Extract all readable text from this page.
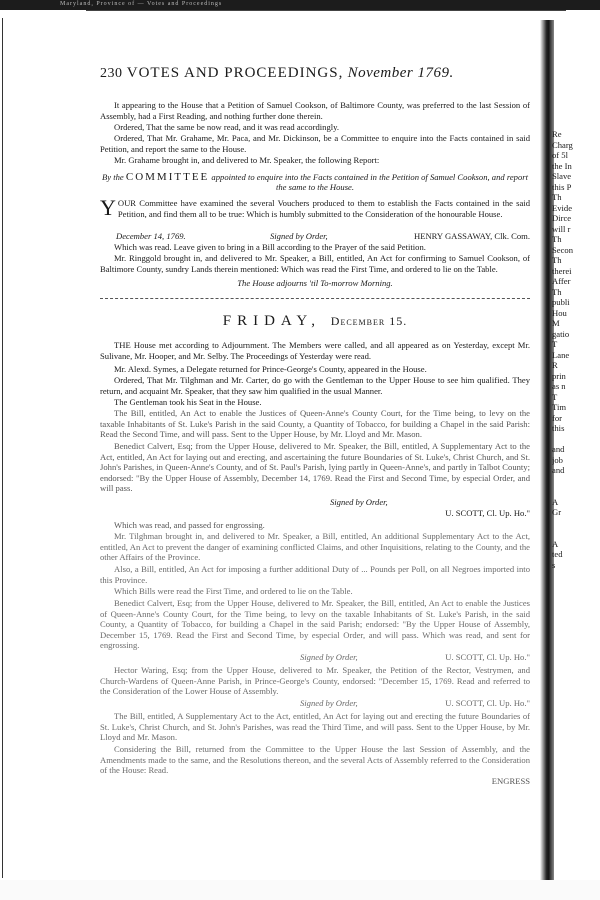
Maryland, Province of — Votes and Proceedings
230 VOTES AND PROCEEDINGS, November 1769.

It appearing to the House that a Petition of Samuel Cookson, of Baltimore County, was preferred to the last Session of Assembly, had a First Reading, and nothing further done therein.

Ordered, That the same be now read, and it was read accordingly.

Ordered, That Mr. Grahame, Mr. Paca, and Mr. Dickinson, be a Committee to enquire into the Facts contained in said Petition, and report the same to the House.

Mr. Grahame brought in, and delivered to Mr. Speaker, the following Report:

By the COMMITTEE appointed to enquire into the Facts contained in the Petition of Samuel Cookson, and report the same to the House.
Y OUR Committee have examined the several Vouchers produced to them to establish the Facts contained in the said Petition, and find them all to be true: Which is humbly submitted to the Consideration of the honourable House.
December 14, 1769.	Signed by Order,	HENRY GASSAWAY, Clk. Com.

Which was read. Leave given to bring in a Bill according to the Prayer of the said Petition.

Mr. Ringgold brought in, and delivered to Mr. Speaker, a Bill, entitled, An Act for confirming to Samuel Cookson, of Baltimore County, sundry Lands therein mentioned: Which was read the First Time, and ordered to lie on the Table.

The House adjourns 'til To-morrow Morning.
FRIDAY, December 15.

THE House met according to Adjournment. The Members were called, and all appeared as on Yesterday, except Mr. Sulivane, Mr. Hooper, and Mr. Selby. The Proceedings of Yesterday were read.

Mr. Alexd. Symes, a Delegate returned for Prince-George's County, appeared in the House.

Ordered, That Mr. Tilghman and Mr. Carter, do go with the Gentleman to the Upper House to see him qualified. They return, and acquaint Mr. Speaker, that they saw him qualified in the usual Manner.

The Gentleman took his Seat in the House.

The Bill, entitled, An Act to enable the Justices of Queen-Anne's County Court, for the Time being, to levy on the taxable Inhabitants of St. Luke's Parish in the said County, a Quantity of Tobacco, for building a Chapel in the said Parish: Read the Second Time, and will pass. Sent to the Upper House, by Mr. Lloyd and Mr. Mason.

Benedict Calvert, Esq; from the Upper House, delivered to Mr. Speaker, the Bill, entitled, A Supplementary Act to the Act, entitled, An Act for laying out and erecting, and ascertaining the future Boundaries of St. Luke's, Christ Church, and St. John's Parishes, in Queen-Anne's County, and of St. Paul's Parish, lying partly in Queen-Anne's, and partly in Talbot County; endorsed: "By the Upper House of Assembly, December 14, 1769. Read the First and Second Time, by especial Order, and will pass.

Signed by Order,
U. SCOTT, Cl. Up. Ho."

Which was read, and passed for engrossing.

Mr. Tilghman brought in, and delivered to Mr. Speaker, a Bill, entitled, An additional Supplementary Act to the Act, entitled, An Act to prevent the danger of examining conflicted Claims, and other Inquisitions, relating to the County, and the other Affairs of the Province.

Also, a Bill, entitled, An Act for imposing a further additional Duty of ... Pounds per Poll, on all Negroes imported into this Province.

Which Bills were read the First Time, and ordered to lie on the Table.

Benedict Calvert, Esq; from the Upper House, delivered to Mr. Speaker, the Bill, entitled, An Act to enable the Justices of Queen-Anne's County Court, for the Time being, to levy on the taxable Inhabitants of St. Luke's Parish, in the said County, a Quantity of Tobacco, for building a Chapel in the said Parish; endorsed: "By the Upper House of Assembly, December 15, 1769. Read the First and Second Time, by especial Order, and will pass. Which was read, and sent for engrossing.

Signed by Order,	U. SCOTT, Cl. Up. Ho."

Hector Waring, Esq; from the Upper House, delivered to Mr. Speaker, the Petition of the Rector, Vestrymen, and Church-Wardens of Queen-Anne Parish, in Prince-George's County, endorsed: "December 15, 1769. Read and referred to the Consideration of the Lower House of Assembly.

Signed by Order,	U. SCOTT, Cl. Up. Ho."

The Bill, entitled, A Supplementary Act to the Act, entitled, An Act for laying out and erecting the future Boundaries of St. Luke's, Christ Church, and St. John's Parishes, was read the Third Time, and will pass. Sent to the Upper House, by Mr. Lloyd and Mr. Mason.

Considering the Bill, returned from the Committee to the Upper House the last Session of Assembly, and the Amendments made to the same, and the Resolutions thereon, and the several Acts of Assembly referred to the Consideration of the House: Read.

ENGRESS
Re
Charg
of 5l
the In
Slave
this P
Th
Evide
Dirce
will r
Th
Secon
Th
therei
Affer
Th
publi
Hou
M
gatio
T
Lane
R
prin
as n
T
Tim
for
this
and
job
and
A
Gr
A
ted
s
